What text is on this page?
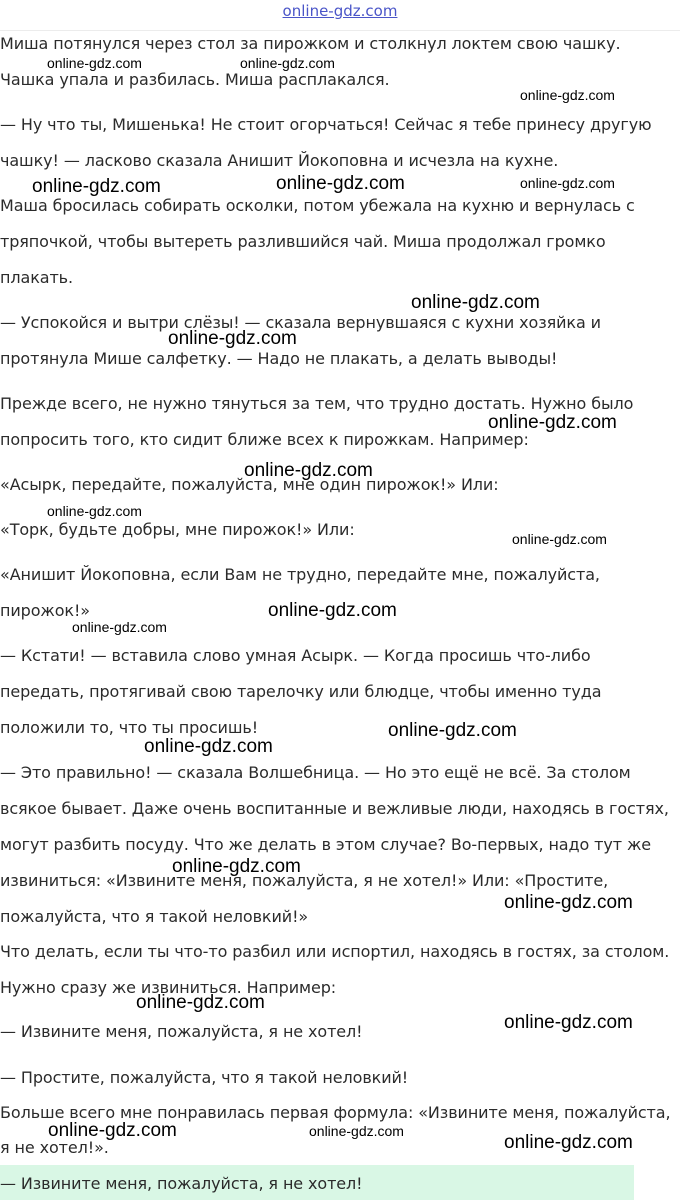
online-gdz.com
Миша потянулся через стол за пирожком и столкнул локтем свою чашку.
Чашка упала и разбилась. Миша расплакался.
— Ну что ты, Мишенька! Не стоит огорчаться! Сейчас я тебе принесу другую
чашку! — ласково сказала Анишит Йокоповна и исчезла на кухне.
Маша бросилась собирать осколки, потом убежала на кухню и вернулась с
тряпочкой, чтобы вытереть разлившийся чай. Миша продолжал громко
плакать.
— Успокойся и вытри слёзы! — сказала вернувшаяся с кухни хозяйка и
протянула Мише салфетку. — Надо не плакать, а делать выводы!
Прежде всего, не нужно тянуться за тем, что трудно достать. Нужно было
попросить того, кто сидит ближе всех к пирожкам. Например:
«Асырк, передайте, пожалуйста, мне один пирожок!» Или:
«Торк, будьте добры, мне пирожок!» Или:
«Анишит Йокоповна, если Вам не трудно, передайте мне, пожалуйста,
пирожок!»
— Кстати! — вставила слово умная Асырк. — Когда просишь что-либо
передать, протягивай свою тарелочку или блюдце, чтобы именно туда
положили то, что ты просишь!
— Это правильно! — сказала Волшебница. — Но это ещё не всё. За столом
всякое бывает. Даже очень воспитанные и вежливые люди, находясь в гостях,
могут разбить посуду. Что же делать в этом случае? Во-первых, надо тут же
извиниться: «Извините меня, пожалуйста, я не хотел!» Или: «Простите,
пожалуйста, что я такой неловкий!»
Что делать, если ты что-то разбил или испортил, находясь в гостях, за столом.
Нужно сразу же извиниться. Например:
— Извините меня, пожалуйста, я не хотел!
— Простите, пожалуйста, что я такой неловкий!
Больше всего мне понравилась первая формула: «Извините меня, пожалуйста,
я не хотел!».
— Извините меня, пожалуйста, я не хотел!
online-gdz.com	online-gdz.com
online-gdz.com
online-gdz.com	online-gdz.com	online-gdz.com
online-gdz.com
online-gdz.com
online-gdz.com
online-gdz.com
online-gdz.com
online-gdz.com
online-gdz.com
online-gdz.com
online-gdz.com
online-gdz.com
online-gdz.com
online-gdz.com
online-gdz.com
online-gdz.com
online-gdz.com	online-gdz.com
online-gdz.com
